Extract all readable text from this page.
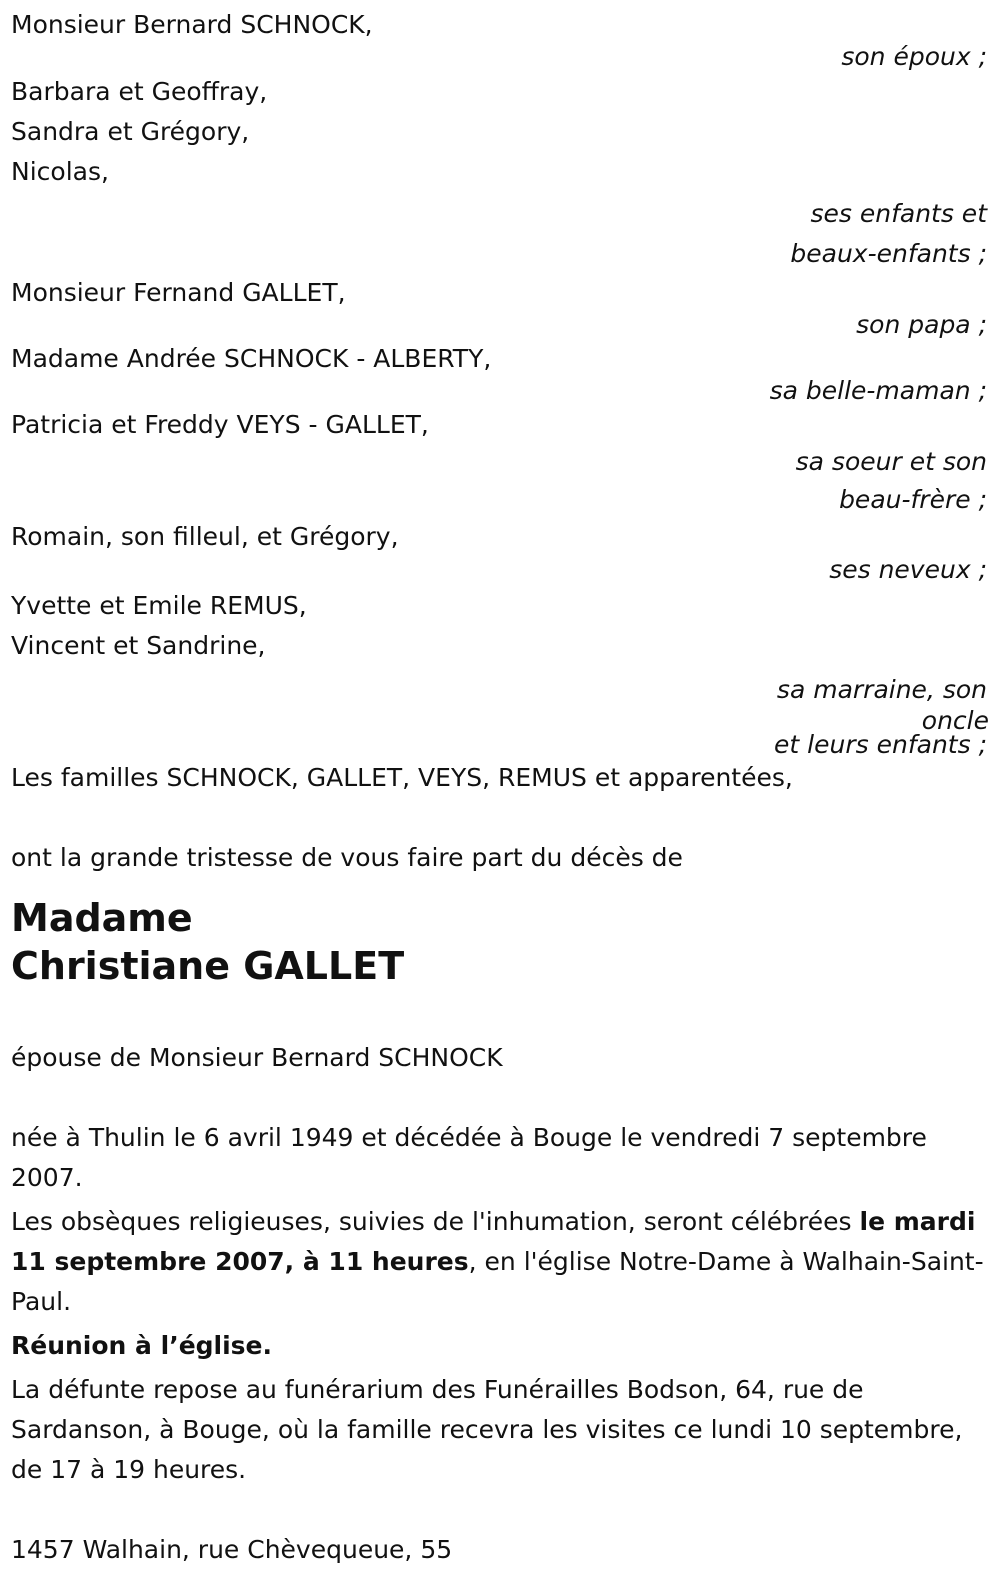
Monsieur Bernard SCHNOCK,
son époux ;
Barbara et Geoffray,
Sandra et Grégory,
Nicolas,
ses enfants et
beaux-enfants ;
Monsieur Fernand GALLET,
son papa ;
Madame Andrée SCHNOCK - ALBERTY,
sa belle-maman ;
Patricia et Freddy VEYS - GALLET,
sa soeur et son
beau-frère ;
Romain, son filleul, et Grégory,
ses neveux ;
Yvette et Emile REMUS,
Vincent et Sandrine,
sa marraine, son
oncle
et leurs enfants ;
Les familles SCHNOCK, GALLET, VEYS, REMUS et apparentées,
ont la grande tristesse de vous faire part du décès de
Madame
Christiane GALLET
épouse de Monsieur Bernard SCHNOCK
née à Thulin le 6 avril 1949 et décédée à Bouge le vendredi 7 septembre 2007.
Les obsèques religieuses, suivies de l'inhumation, seront célébrées le mardi 11 septembre 2007, à 11 heures, en l'église Notre-Dame à Walhain-Saint-Paul.
Réunion à l’église.
La défunte repose au funérarium des Funérailles Bodson, 64, rue de Sardanson, à Bouge, où la famille recevra les visites ce lundi 10 septembre, de 17 à 19 heures.
1457 Walhain, rue Chèvequeue, 55
